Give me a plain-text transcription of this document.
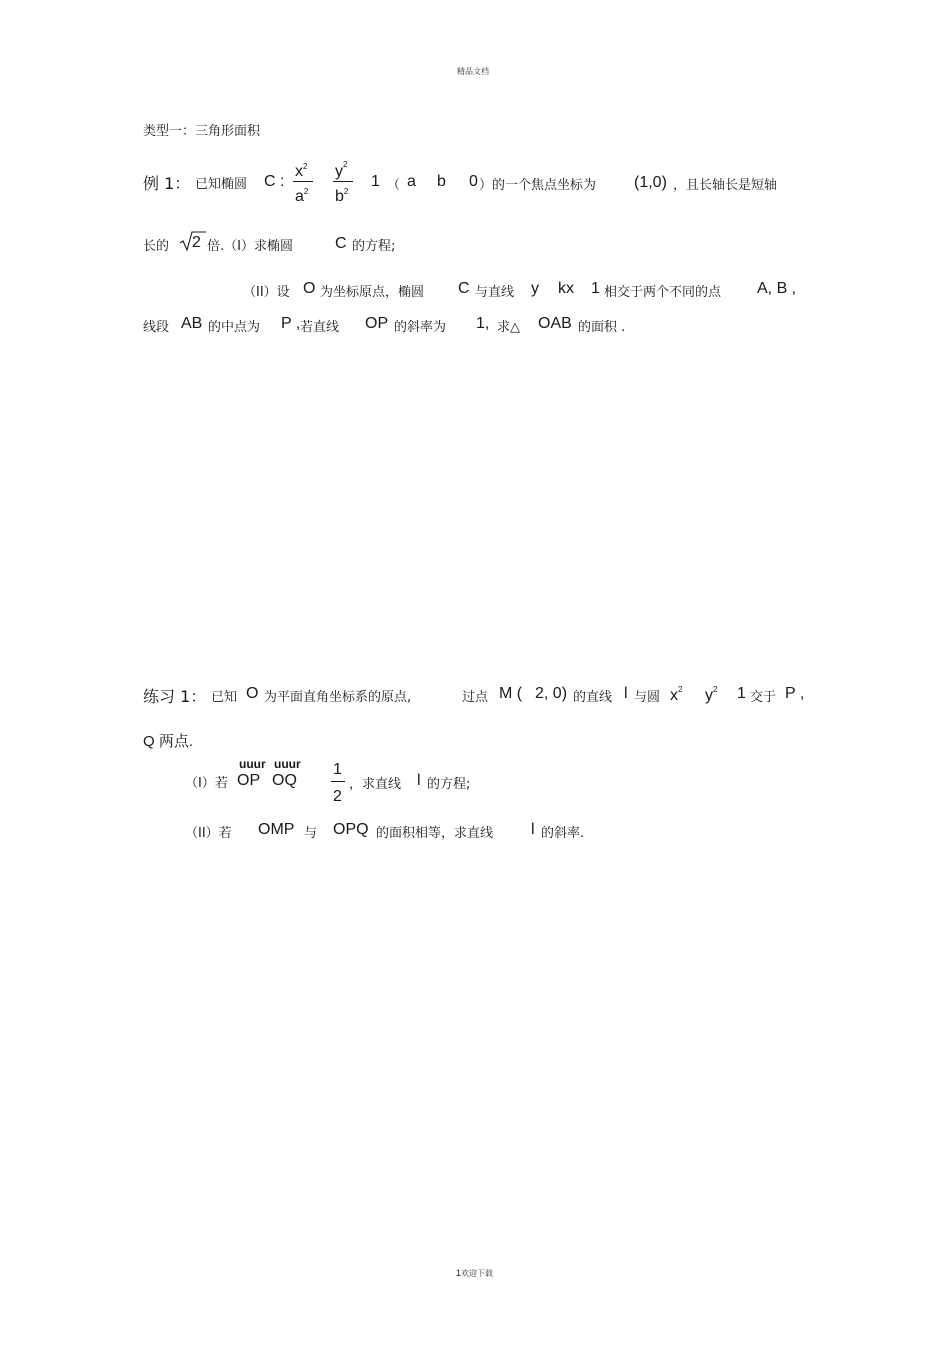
精品文档
1欢迎下载
类型一：三角形面积
例 1： 已知椭圆 C :
$x^2$
$a^2$
$y^2$
$b^2$
1 （ a b 0 ）的一个焦点坐标为 (1,0) ，且长轴长是短轴
长的 2 倍.（I）求椭圆	C 的方程;
（II）设 O 为坐标原点，椭圆 C 与直线 y kx 1 相交于两个不同的点 A, B ,
线段 AB 的中点为 P , 若直线 OP 的斜率为 1, 求△ OAB 的面积 .
练习 1： 已知 O 为平面直角坐标系的原点,	过点 M ( 2, 0) 的直线 l 与圆 $x^2$ $y^2$ 1 交于 P ,
Q 两点.
（I）若
uuur
OP
uuur
OQ
1
2
，求直线 l 的方程;
（II）若 OMP 与 OPQ 的面积相等，求直线 l 的斜率.
